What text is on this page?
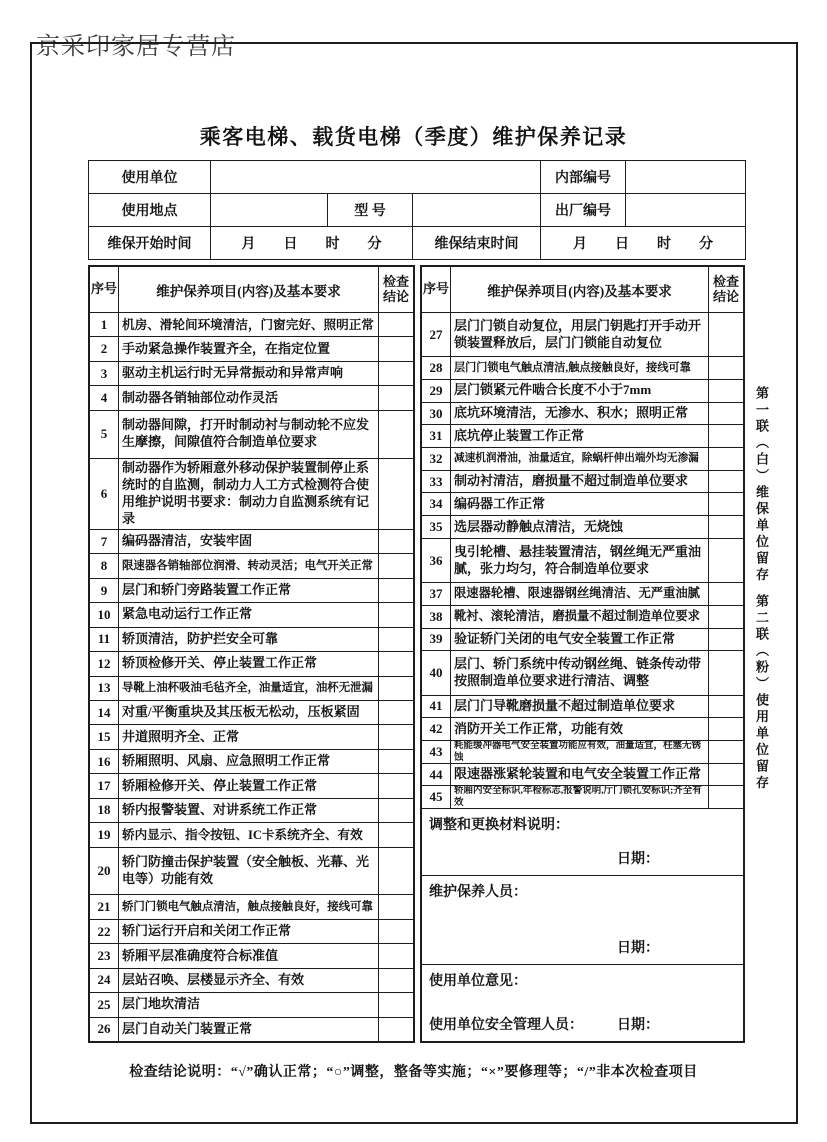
京采印家居专营店
乘客电梯、载货电梯（季度）维护保养记录
使用单位				内部编号	
使用地点		型 号		出厂编号	
维保开始时间	月　　日　　时　　分		维保结束时间	月　　日　　时　　分	
序号	维护保养项目(内容)及基本要求
检查结论
1	机房、滑轮间环境清洁，门窗完好、照明正常
2	手动紧急操作装置齐全，在指定位置
3	驱动主机运行时无异常振动和异常声响
4	制动器各销轴部位动作灵活
5
制动器间隙，打开时制动衬与制动轮不应发生摩擦，间隙值符合制造单位要求
6
制动器作为轿厢意外移动保护装置制停止系统时的自监测，制动力人工方式检测符合使用维护说明书要求：制动力自监测系统有记录
7	编码器清洁，安装牢固
8	限速器各销轴部位润滑、转动灵活；电气开关正常
9	层门和轿门旁路装置工作正常
10 紧急电动运行工作正常
11 轿顶清洁，防护拦安全可靠
12 轿顶检修开关、停止装置工作正常
13	导靴上油杯吸油毛毡齐全，油量适宜，油杯无泄漏
14 对重/平衡重块及其压板无松动，压板紧固
15 井道照明齐全、正常
16 轿厢照明、风扇、应急照明工作正常
17 轿厢检修开关、停止装置工作正常
18 轿内报警装置、对讲系统工作正常
19 轿内显示、指令按钮、IC卡系统齐全、有效
20
轿门防撞击保护装置（安全触板、光幕、光电等）功能有效
21	轿门门锁电气触点清洁，触点接触良好，接线可靠
22 轿门运行开启和关闭工作正常
23 轿厢平层准确度符合标准值
24 层站召唤、层楼显示齐全、有效
25 层门地坎清洁
26 层门自动关门装置正常
序号	维护保养项目(内容)及基本要求
检查结论
27
层门门锁自动复位，用层门钥匙打开手动开锁装置释放后，层门门锁能自动复位
28	层门门锁电气触点清洁,触点接触良好，接线可靠
29 层门锁紧元件啮合长度不小于7mm
30 底坑环境清洁，无渗水、积水；照明正常
31 底坑停止装置工作正常
32	减速机润滑油，油量适宜，除蜗杆伸出端外均无渗漏
33 制动衬清洁，磨损量不超过制造单位要求
34 编码器工作正常
35 选层器动静触点清洁，无烧蚀
36
曳引轮槽、悬挂装置清洁，钢丝绳无严重油腻，张力均匀，符合制造单位要求
37 限速器轮槽、限速器钢丝绳清洁、无严重油腻
38 靴衬、滚轮清洁，磨损量不超过制造单位要求
39 验证轿门关闭的电气安全装置工作正常
40
层门、轿门系统中传动钢丝绳、链条传动带按照制造单位要求进行清洁、调整
41 层门门导靴磨损量不超过制造单位要求
42 消防开关工作正常，功能有效
43	耗能缓冲器电气安全装置功能应有效，油量适宜，柱塞无锈蚀
44 限速器涨紧轮装置和电气安全装置工作正常
45	轿厢内安全标识,年检标志,报警说明,厅门锁孔安标识;齐全有效
调整和更换材料说明：
日期：
维护保养人员：
日期：
使用单位意见：
使用单位安全管理人员： 日期：
第一联（白）维保单位留存
第二联（粉）使用单位留存
检查结论说明：“√”确认正常；“○”调整，整备等实施；“×”要修理等；“/”非本次检查项目
